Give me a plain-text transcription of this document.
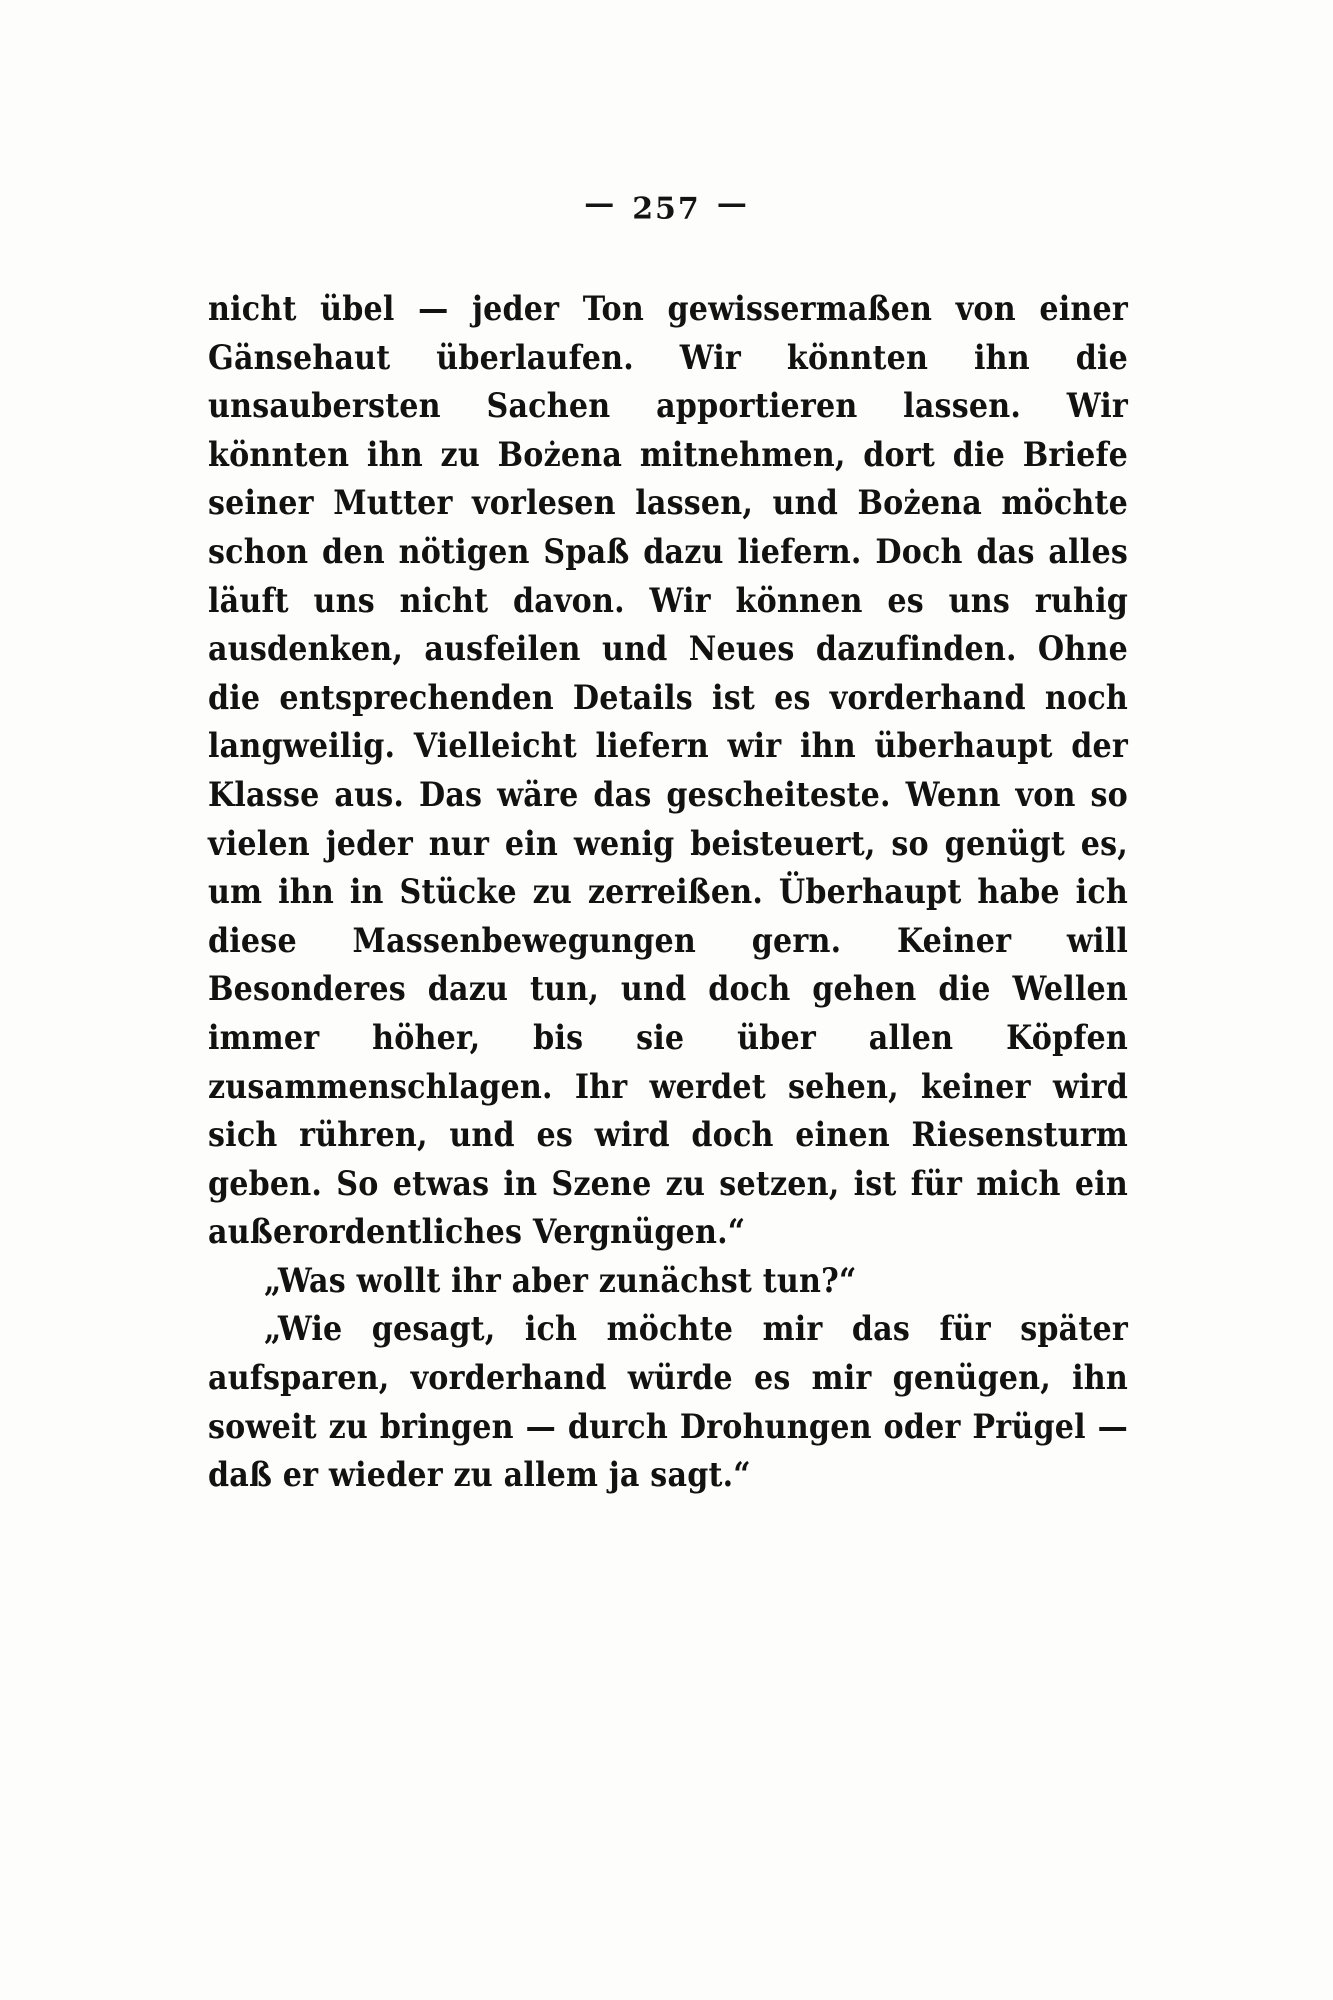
— 257 —

nicht übel — jeder Ton gewissermaßen von einer Gänsehaut überlaufen. Wir könnten ihn die unsaubersten Sachen apportieren lassen. Wir könnten ihn zu Bożena mitnehmen, dort die Briefe seiner Mutter vorlesen lassen, und Bożena möchte schon den nötigen Spaß dazu liefern. Doch das alles läuft uns nicht davon. Wir können es uns ruhig ausdenken, ausfeilen und Neues dazufinden. Ohne die entsprechenden Details ist es vorderhand noch langweilig. Vielleicht liefern wir ihn überhaupt der Klasse aus. Das wäre das gescheiteste. Wenn von so vielen jeder nur ein wenig beisteuert, so genügt es, um ihn in Stücke zu zerreißen. Überhaupt habe ich diese Massenbewegungen gern. Keiner will Besonderes dazu tun, und doch gehen die Wellen immer höher, bis sie über allen Köpfen zusammenschlagen. Ihr werdet sehen, keiner wird sich rühren, und es wird doch einen Riesensturm geben. So etwas in Szene zu setzen, ist für mich ein außerordentliches Vergnügen.“

„Was wollt ihr aber zunächst tun?“

„Wie gesagt, ich möchte mir das für später aufsparen, vorderhand würde es mir genügen, ihn soweit zu bringen — durch Drohungen oder Prügel — daß er wieder zu allem ja sagt.“
